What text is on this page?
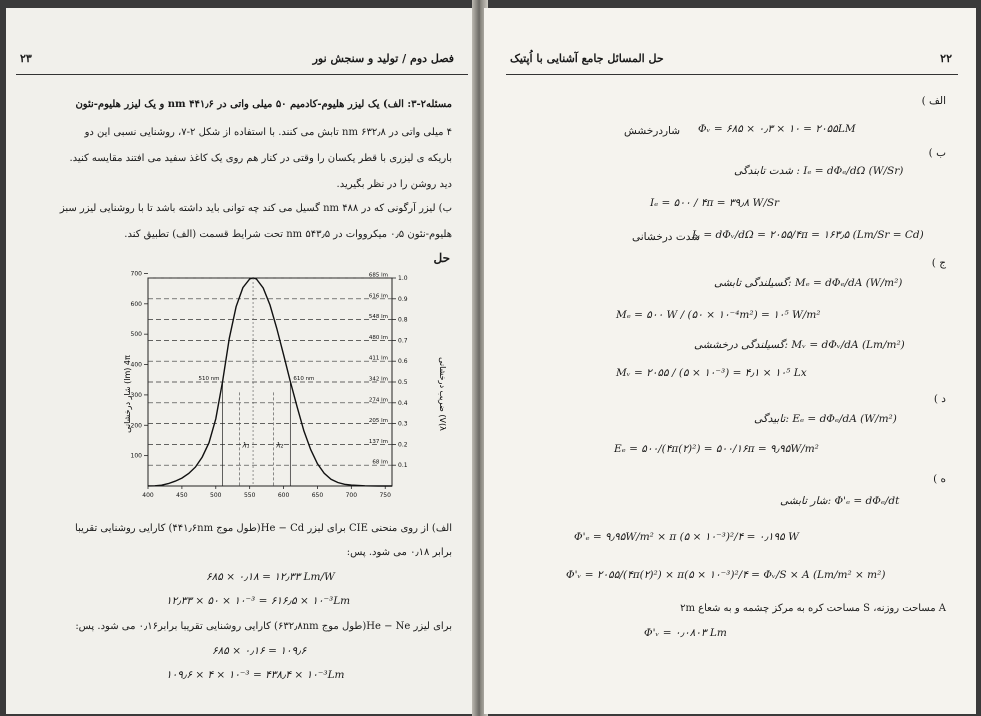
۲۳	فصل دوم / تولید و سنجش نور
مسئله۲-۳: الف) یک لیزر هلیوم-کادمیم ۵۰ میلی واتی در ۴۴۱٫۶ nm و یک لیزر هلیوم-نئون
۴ میلی واتی در ۶۳۲٫۸ nm تابش می کنند. با استفاده از شکل ۲-۷، روشنایی نسبی این دو
باریکه ی لیزری با قطر یکسان را وقتی در کنار هم روی یک کاغذ سفید می افتند مقایسه کنید.
دید روشن را در نظر بگیرید.
ب) لیزر آرگونی که در ۴۸۸ nm گسیل می کند چه توانی باید داشته باشد تا با روشنایی لیزر سبز
هلیوم-نئون ۰٫۵ میکرووات در ۵۴۳٫۵ nm تحت شرایط قسمت (الف) تطبیق کند.
حل
685 lm
616 lm
548 lm
480 lm
411 lm
342 lm
274 lm
205 lm
137 lm
68 lm
1.0
0.9
0.8
0.7
0.6
0.5
0.4
0.3
0.2
0.1
700
600
500
400
300
200
100
400	450	500	550	600	650	700	750
510 nm	610 nm
λ₁	λ₂
شار درخشانی (lm) 4π	ضریب درخشانی (V(λ
الف) از روی منحنی CIE برای لیزر He − Cd(طول موج ۴۴۱٫۶nm) کارایی روشنایی تقریبا
برابر ۰٫۱۸ می شود. پس:
۶۸۵ × ۰٫۱۸ = ۱۲٫۳۳ Lm/W
۱۲٫۳۳ × ۵۰ × ۱۰⁻³ = ۶۱۶٫۵ × ۱۰⁻³Lm
برای لیزر He − Ne(طول موج ۶۳۲٫۸nm) کارایی روشنایی تقریبا برابر۰٫۱۶ می شود. پس:
۶۸۵ × ۰٫۱۶ = ۱۰۹٫۶
۱۰۹٫۶ × ۴ × ۱۰⁻³ = ۴۳۸٫۴ × ۱۰⁻³Lm
۲۲
حل المسائل جامع آشنایی با اُپتیک
الف )
Φᵥ = ۶۸۵ × ۰٫۳ × ۱۰ = ۲۰۵۵LM
شاردرخشش
ب )
شدت تابندگی : Iₑ = dΦₑ/dΩ (W/Sr)
Iₑ = ۵۰۰ / ۴π = ۳۹٫۸ W/Sr
Iᵥ = dΦᵥ/dΩ = ۲۰۵۵/۴π = ۱۶۳٫۵ (Lm/Sr = Cd)
شدت درخشانی
ج )
گسیلندگی تابشی: Mₑ = dΦₑ/dA (W/m²)
Mₑ = ۵۰۰ W / (۵۰ × ۱۰⁻⁴m²) = ۱۰⁵ W/m²
گسیلندگی درخششی: Mᵥ = dΦᵥ/dA (Lm/m²)
Mᵥ = ۲۰۵۵ / (۵ × ۱۰⁻³) = ۴٫۱ × ۱۰⁵ Lx
د )
تابیدگی: Eₑ = dΦₑ/dA (W/m²)
Eₑ = ۵۰۰/(۴π(۲)²) = ۵۰۰/۱۶π = ۹٫۹۵W/m²
ه )
شار تابشی: Φ'ₑ = dΦₑ/dt
Φ'ₑ = ۹٫۹۵W/m² × π (۵ × ۱۰⁻³)²/۴ = ۰٫۱۹۵ W
Φ'ᵥ = ۲۰۵۵/(۴π(۲)²) × π(۵ × ۱۰⁻³)²/۴ = Φᵥ/S × A (Lm/m² × m²)
A مساحت روزنه، S مساحت کره به مرکز چشمه و به شعاع ۲m
Φ'ᵥ = ۰٫۰۸۰۳ Lm
